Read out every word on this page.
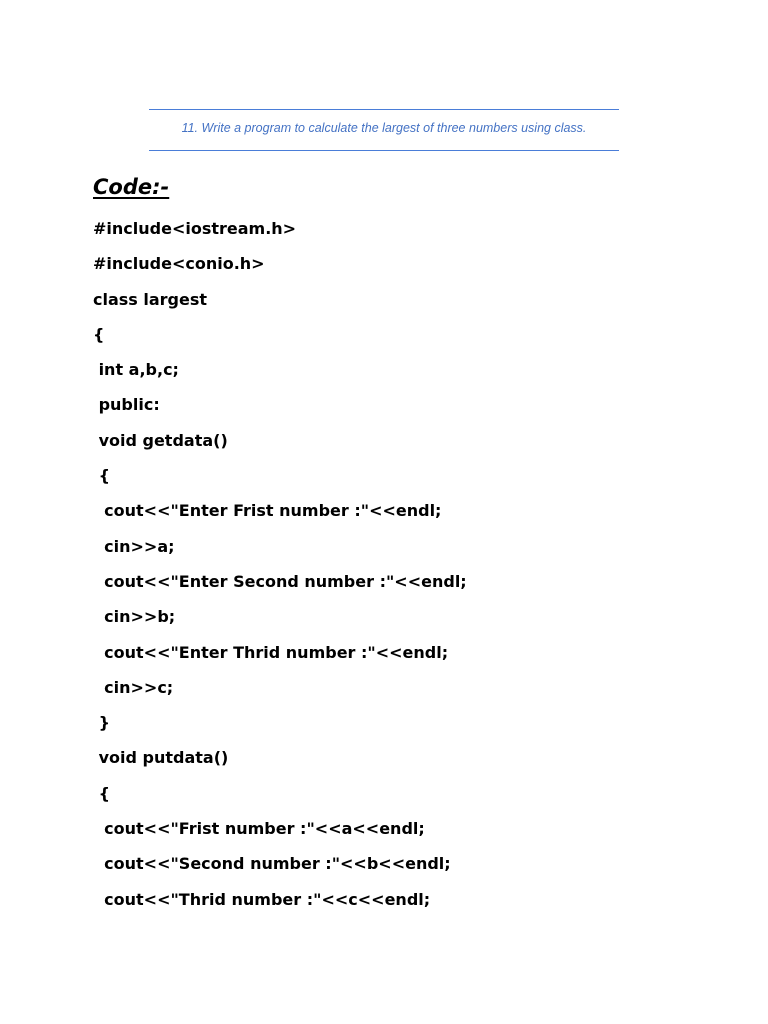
11. Write a program to calculate the largest of three numbers using class.

Code:-
#include<iostream.h>
#include<conio.h>
class largest
{
int a,b,c;
public:
void getdata()
{
cout<<"Enter Frist number :"<<endl;
cin>>a;
cout<<"Enter Second number :"<<endl;
cin>>b;
cout<<"Enter Thrid number :"<<endl;
cin>>c;
}
void putdata()
{
cout<<"Frist number :"<<a<<endl;
cout<<"Second number :"<<b<<endl;
cout<<"Thrid number :"<<c<<endl;
